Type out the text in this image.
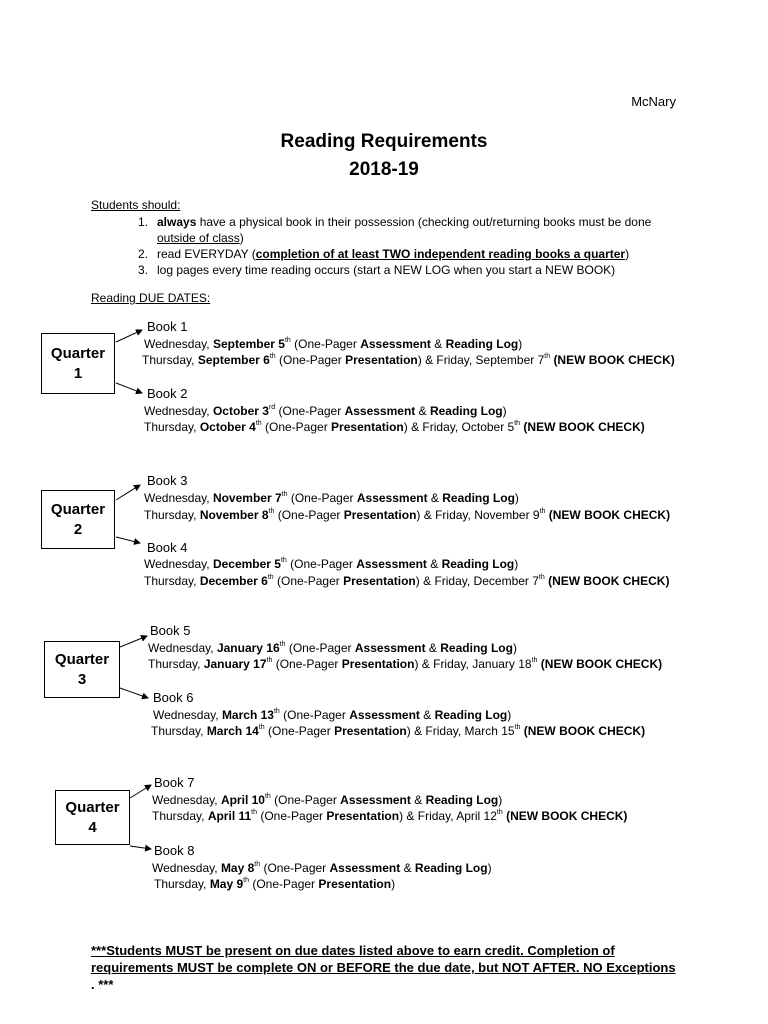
McNary
Reading Requirements
2018-19
Students should:
1. always have a physical book in their possession (checking out/returning books must be done outside of class)
2. read EVERYDAY (completion of at least TWO independent reading books a quarter)
3. log pages every time reading occurs (start a NEW LOG when you start a NEW BOOK)
Reading DUE DATES:
Quarter
1
Quarter
2
Quarter
3
Quarter
4
Book 1
Wednesday, September 5th (One-Pager Assessment & Reading Log)
Thursday, September 6th (One-Pager Presentation) & Friday, September 7th (NEW BOOK CHECK)
Book 2
Wednesday, October 3rd (One-Pager Assessment & Reading Log)
Thursday, October 4th (One-Pager Presentation) & Friday, October 5th (NEW BOOK CHECK)
Book 3
Wednesday, November 7th (One-Pager Assessment & Reading Log)
Thursday, November 8th (One-Pager Presentation) & Friday, November 9th (NEW BOOK CHECK)
Book 4
Wednesday, December 5th (One-Pager Assessment & Reading Log)
Thursday, December 6th (One-Pager Presentation) & Friday, December 7th (NEW BOOK CHECK)
Book 5
Wednesday, January 16th (One-Pager Assessment & Reading Log)
Thursday, January 17th (One-Pager Presentation) & Friday, January 18th (NEW BOOK CHECK)
Book 6
Wednesday, March 13th (One-Pager Assessment & Reading Log)
Thursday, March 14th (One-Pager Presentation) & Friday, March 15th (NEW BOOK CHECK)
Book 7
Wednesday, April 10th (One-Pager Assessment & Reading Log)
Thursday, April 11th (One-Pager Presentation) & Friday, April 12th (NEW BOOK CHECK)
Book 8
Wednesday, May 8th (One-Pager Assessment & Reading Log)
Thursday, May 9th (One-Pager Presentation)
***Students MUST be present on due dates listed above to earn credit. Completion of requirements MUST be complete ON or BEFORE the due date, but NOT AFTER. NO Exceptions. ***
